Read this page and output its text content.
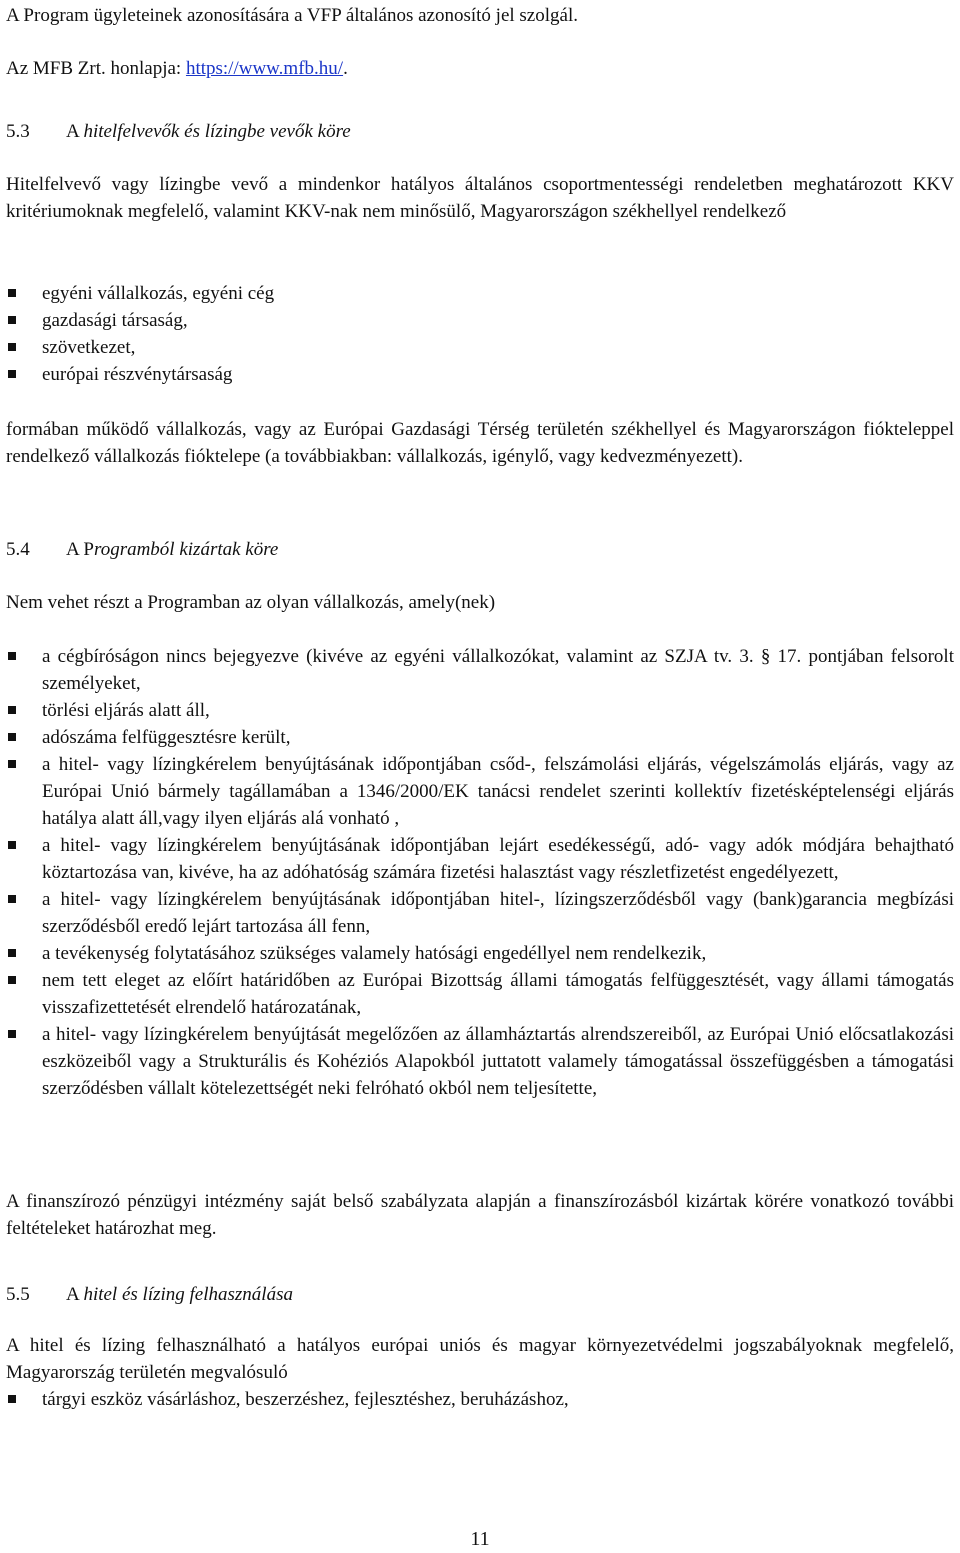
A Program ügyleteinek azonosítására a VFP általános azonosító jel szolgál.

Az MFB Zrt. honlapja: https://www.mfb.hu/.

5.3	A hitelfelvevők és lízingbe vevők köre

Hitelfelvevő vagy lízingbe vevő a mindenkor hatályos általános csoportmentességi rendeletben meghatározott KKV kritériumoknak megfelelő, valamint KKV-nak nem minősülő, Magyarországon székhellyel rendelkező

egyéni vállalkozás, egyéni cég
gazdasági társaság,
szövetkezet,
európai részvénytársaság

formában működő vállalkozás, vagy az Európai Gazdasági Térség területén székhellyel és Magyarországon fiókteleppel rendelkező vállalkozás fióktelepe (a továbbiakban: vállalkozás, igénylő, vagy kedvezményezett).

5.4	A Programból kizártak köre

Nem vehet részt a Programban az olyan vállalkozás, amely(nek)

a cégbíróságon nincs bejegyezve (kivéve az egyéni vállalkozókat, valamint az SZJA tv. 3. § 17. pontjában felsorolt személyeket,
törlési eljárás alatt áll,
adószáma felfüggesztésre került,
a hitel- vagy lízingkérelem benyújtásának időpontjában csőd-, felszámolási eljárás, végelszámolás eljárás, vagy az Európai Unió bármely tagállamában a 1346/2000/EK tanácsi rendelet szerinti kollektív fizetésképtelenségi eljárás hatálya alatt áll,vagy ilyen eljárás alá vonható ,
a hitel- vagy lízingkérelem benyújtásának időpontjában lejárt esedékességű, adó- vagy adók módjára behajtható köztartozása van, kivéve, ha az adóhatóság számára fizetési halasztást vagy részletfizetést engedélyezett,
a hitel- vagy lízingkérelem benyújtásának időpontjában hitel-, lízingszerződésből vagy (bank)garancia megbízási szerződésből eredő lejárt tartozása áll fenn,
a tevékenység folytatásához szükséges valamely hatósági engedéllyel nem rendelkezik,
nem tett eleget az előírt határidőben az Európai Bizottság állami támogatás felfüggesztését, vagy állami támogatás visszafizettetését elrendelő határozatának,
a hitel- vagy lízingkérelem benyújtását megelőzően az államháztartás alrendszereiből, az Európai Unió előcsatlakozási eszközeiből vagy a Strukturális és Kohéziós Alapokból juttatott valamely támogatással összefüggésben a támogatási szerződésben vállalt kötelezettségét neki felróható okból nem teljesítette,

A finanszírozó pénzügyi intézmény saját belső szabályzata alapján a finanszírozásból kizártak körére vonatkozó további feltételeket határozhat meg.

5.5	A hitel és lízing felhasználása

A hitel és lízing felhasználható a hatályos európai uniós és magyar környezetvédelmi jogszabályoknak megfelelő, Magyarország területén megvalósuló

tárgyi eszköz vásárláshoz, beszerzéshez, fejlesztéshez, beruházáshoz,
11
